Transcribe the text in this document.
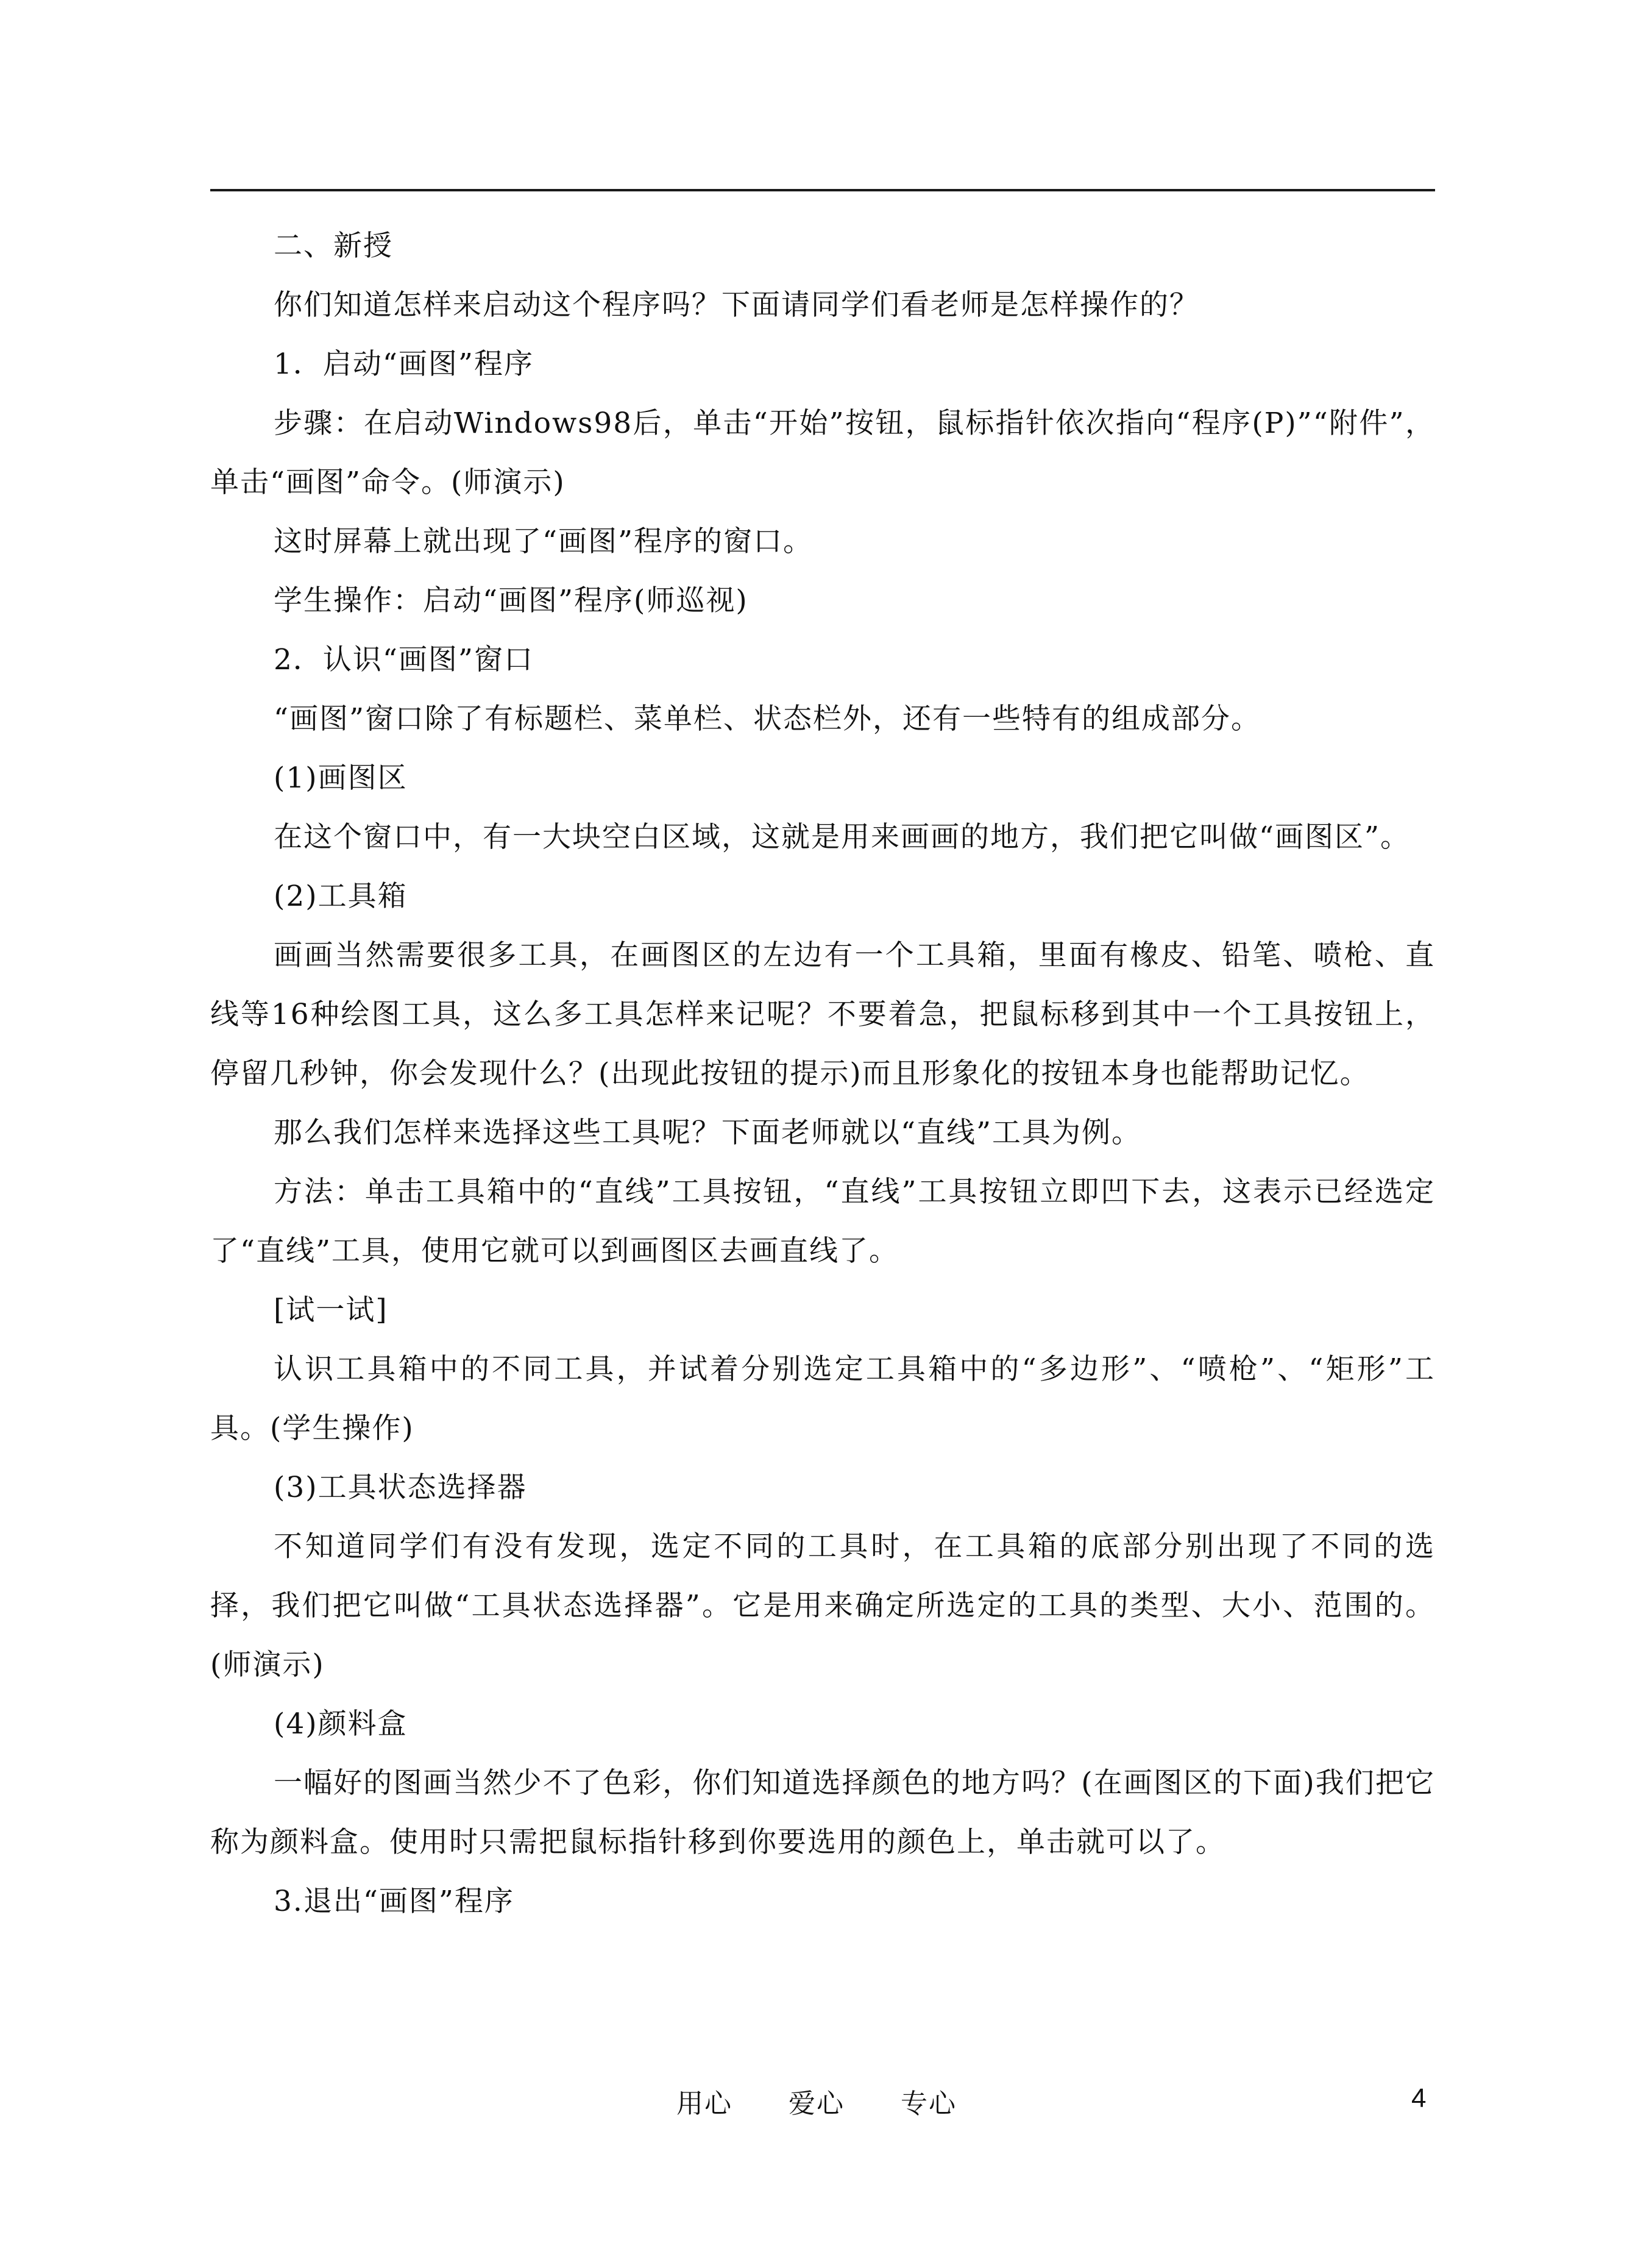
二、新授

你们知道怎样来启动这个程序吗？下面请同学们看老师是怎样操作的？

1．启动“画图”程序

步骤：在启动Windows98后，单击“开始”按钮，鼠标指针依次指向“程序(P)”“附件”，单击“画图”命令。(师演示)

这时屏幕上就出现了“画图”程序的窗口。

学生操作：启动“画图”程序(师巡视)

2．认识“画图”窗口

“画图”窗口除了有标题栏、菜单栏、状态栏外，还有一些特有的组成部分。

(1)画图区

在这个窗口中，有一大块空白区域，这就是用来画画的地方，我们把它叫做“画图区”。

(2)工具箱

画画当然需要很多工具，在画图区的左边有一个工具箱，里面有橡皮、铅笔、喷枪、直线等16种绘图工具，这么多工具怎样来记呢？不要着急，把鼠标移到其中一个工具按钮上，停留几秒钟，你会发现什么？(出现此按钮的提示)而且形象化的按钮本身也能帮助记忆。

那么我们怎样来选择这些工具呢？下面老师就以“直线”工具为例。

方法：单击工具箱中的“直线”工具按钮，“直线”工具按钮立即凹下去，这表示已经选定了“直线”工具，使用它就可以到画图区去画直线了。

[试一试]

认识工具箱中的不同工具，并试着分别选定工具箱中的“多边形”、“喷枪”、“矩形”工具。(学生操作)

(3)工具状态选择器

不知道同学们有没有发现，选定不同的工具时，在工具箱的底部分别出现了不同的选择，我们把它叫做“工具状态选择器”。它是用来确定所选定的工具的类型、大小、范围的。(师演示)

(4)颜料盒

一幅好的图画当然少不了色彩，你们知道选择颜色的地方吗？(在画图区的下面)我们把它称为颜料盒。使用时只需把鼠标指针移到你要选用的颜色上，单击就可以了。

3.退出“画图”程序

用心　　爱心　　专心	4
